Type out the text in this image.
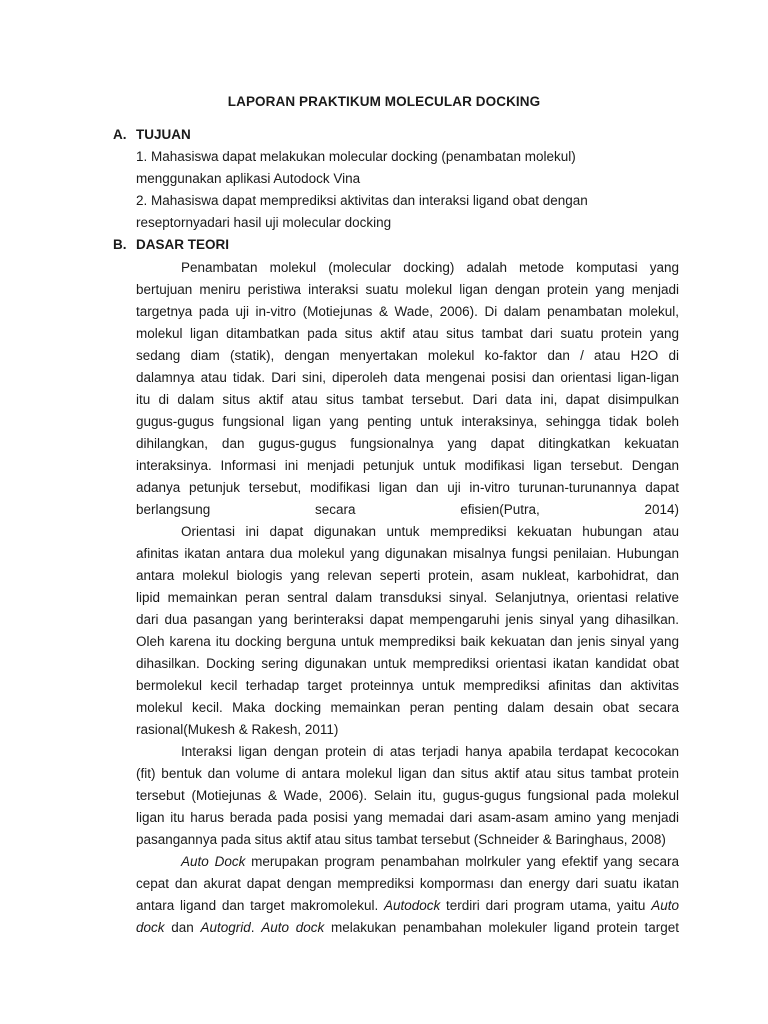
LAPORAN PRAKTIKUM MOLECULAR DOCKING
A. TUJUAN
1. Mahasiswa dapat melakukan molecular docking (penambatan molekul)
menggunakan aplikasi Autodock Vina
2. Mahasiswa dapat memprediksi aktivitas dan interaksi ligand obat dengan
reseptornyadari hasil uji molecular docking
B. DASAR TEORI
Penambatan molekul (molecular docking) adalah metode komputasi yang
bertujuan meniru peristiwa interaksi suatu molekul ligan dengan protein yang menjadi
targetnya pada uji in-vitro (Motiejunas & Wade, 2006). Di dalam penambatan molekul,
molekul ligan ditambatkan pada situs aktif atau situs tambat dari suatu protein yang
sedang diam (statik), dengan menyertakan molekul ko-faktor dan / atau H2O di
dalamnya atau tidak. Dari sini, diperoleh data mengenai posisi dan orientasi ligan-ligan
itu di dalam situs aktif atau situs tambat tersebut. Dari data ini, dapat disimpulkan
gugus-gugus fungsional ligan yang penting untuk interaksinya, sehingga tidak boleh
dihilangkan, dan gugus-gugus fungsionalnya yang dapat ditingkatkan kekuatan
interaksinya. Informasi ini menjadi petunjuk untuk modifikasi ligan tersebut. Dengan
adanya petunjuk tersebut, modifikasi ligan dan uji in-vitro turunan-turunannya dapat
berlangsung secara efisien(Putra, 2014)
Orientasi ini dapat digunakan untuk memprediksi kekuatan hubungan atau
afinitas ikatan antara dua molekul yang digunakan misalnya fungsi penilaian. Hubungan
antara molekul biologis yang relevan seperti protein, asam nukleat, karbohidrat, dan
lipid memainkan peran sentral dalam transduksi sinyal. Selanjutnya, orientasi relative
dari dua pasangan yang berinteraksi dapat mempengaruhi jenis sinyal yang dihasilkan.
Oleh karena itu docking berguna untuk memprediksi baik kekuatan dan jenis sinyal yang
dihasilkan. Docking sering digunakan untuk memprediksi orientasi ikatan kandidat obat
bermolekul kecil terhadap target proteinnya untuk memprediksi afinitas dan aktivitas
molekul kecil. Maka docking memainkan peran penting dalam desain obat secara
rasional(Mukesh & Rakesh, 2011)
Interaksi ligan dengan protein di atas terjadi hanya apabila terdapat kecocokan
(fit) bentuk dan volume di antara molekul ligan dan situs aktif atau situs tambat protein
tersebut (Motiejunas & Wade, 2006). Selain itu, gugus-gugus fungsional pada molekul
ligan itu harus berada pada posisi yang memadai dari asam-asam amino yang menjadi
pasangannya pada situs aktif atau situs tambat tersebut (Schneider & Baringhaus, 2008)
Auto Dock merupakan program penambahan molrkuler yang efektif yang secara
cepat dan akurat dapat dengan memprediksi komporması dan energy dari suatu ikatan
antara ligand dan target makromolekul. Autodock terdiri dari program utama, yaitu Auto
dock dan Autogrid. Auto dock melakukan penambahan molekuler ligand protein target
